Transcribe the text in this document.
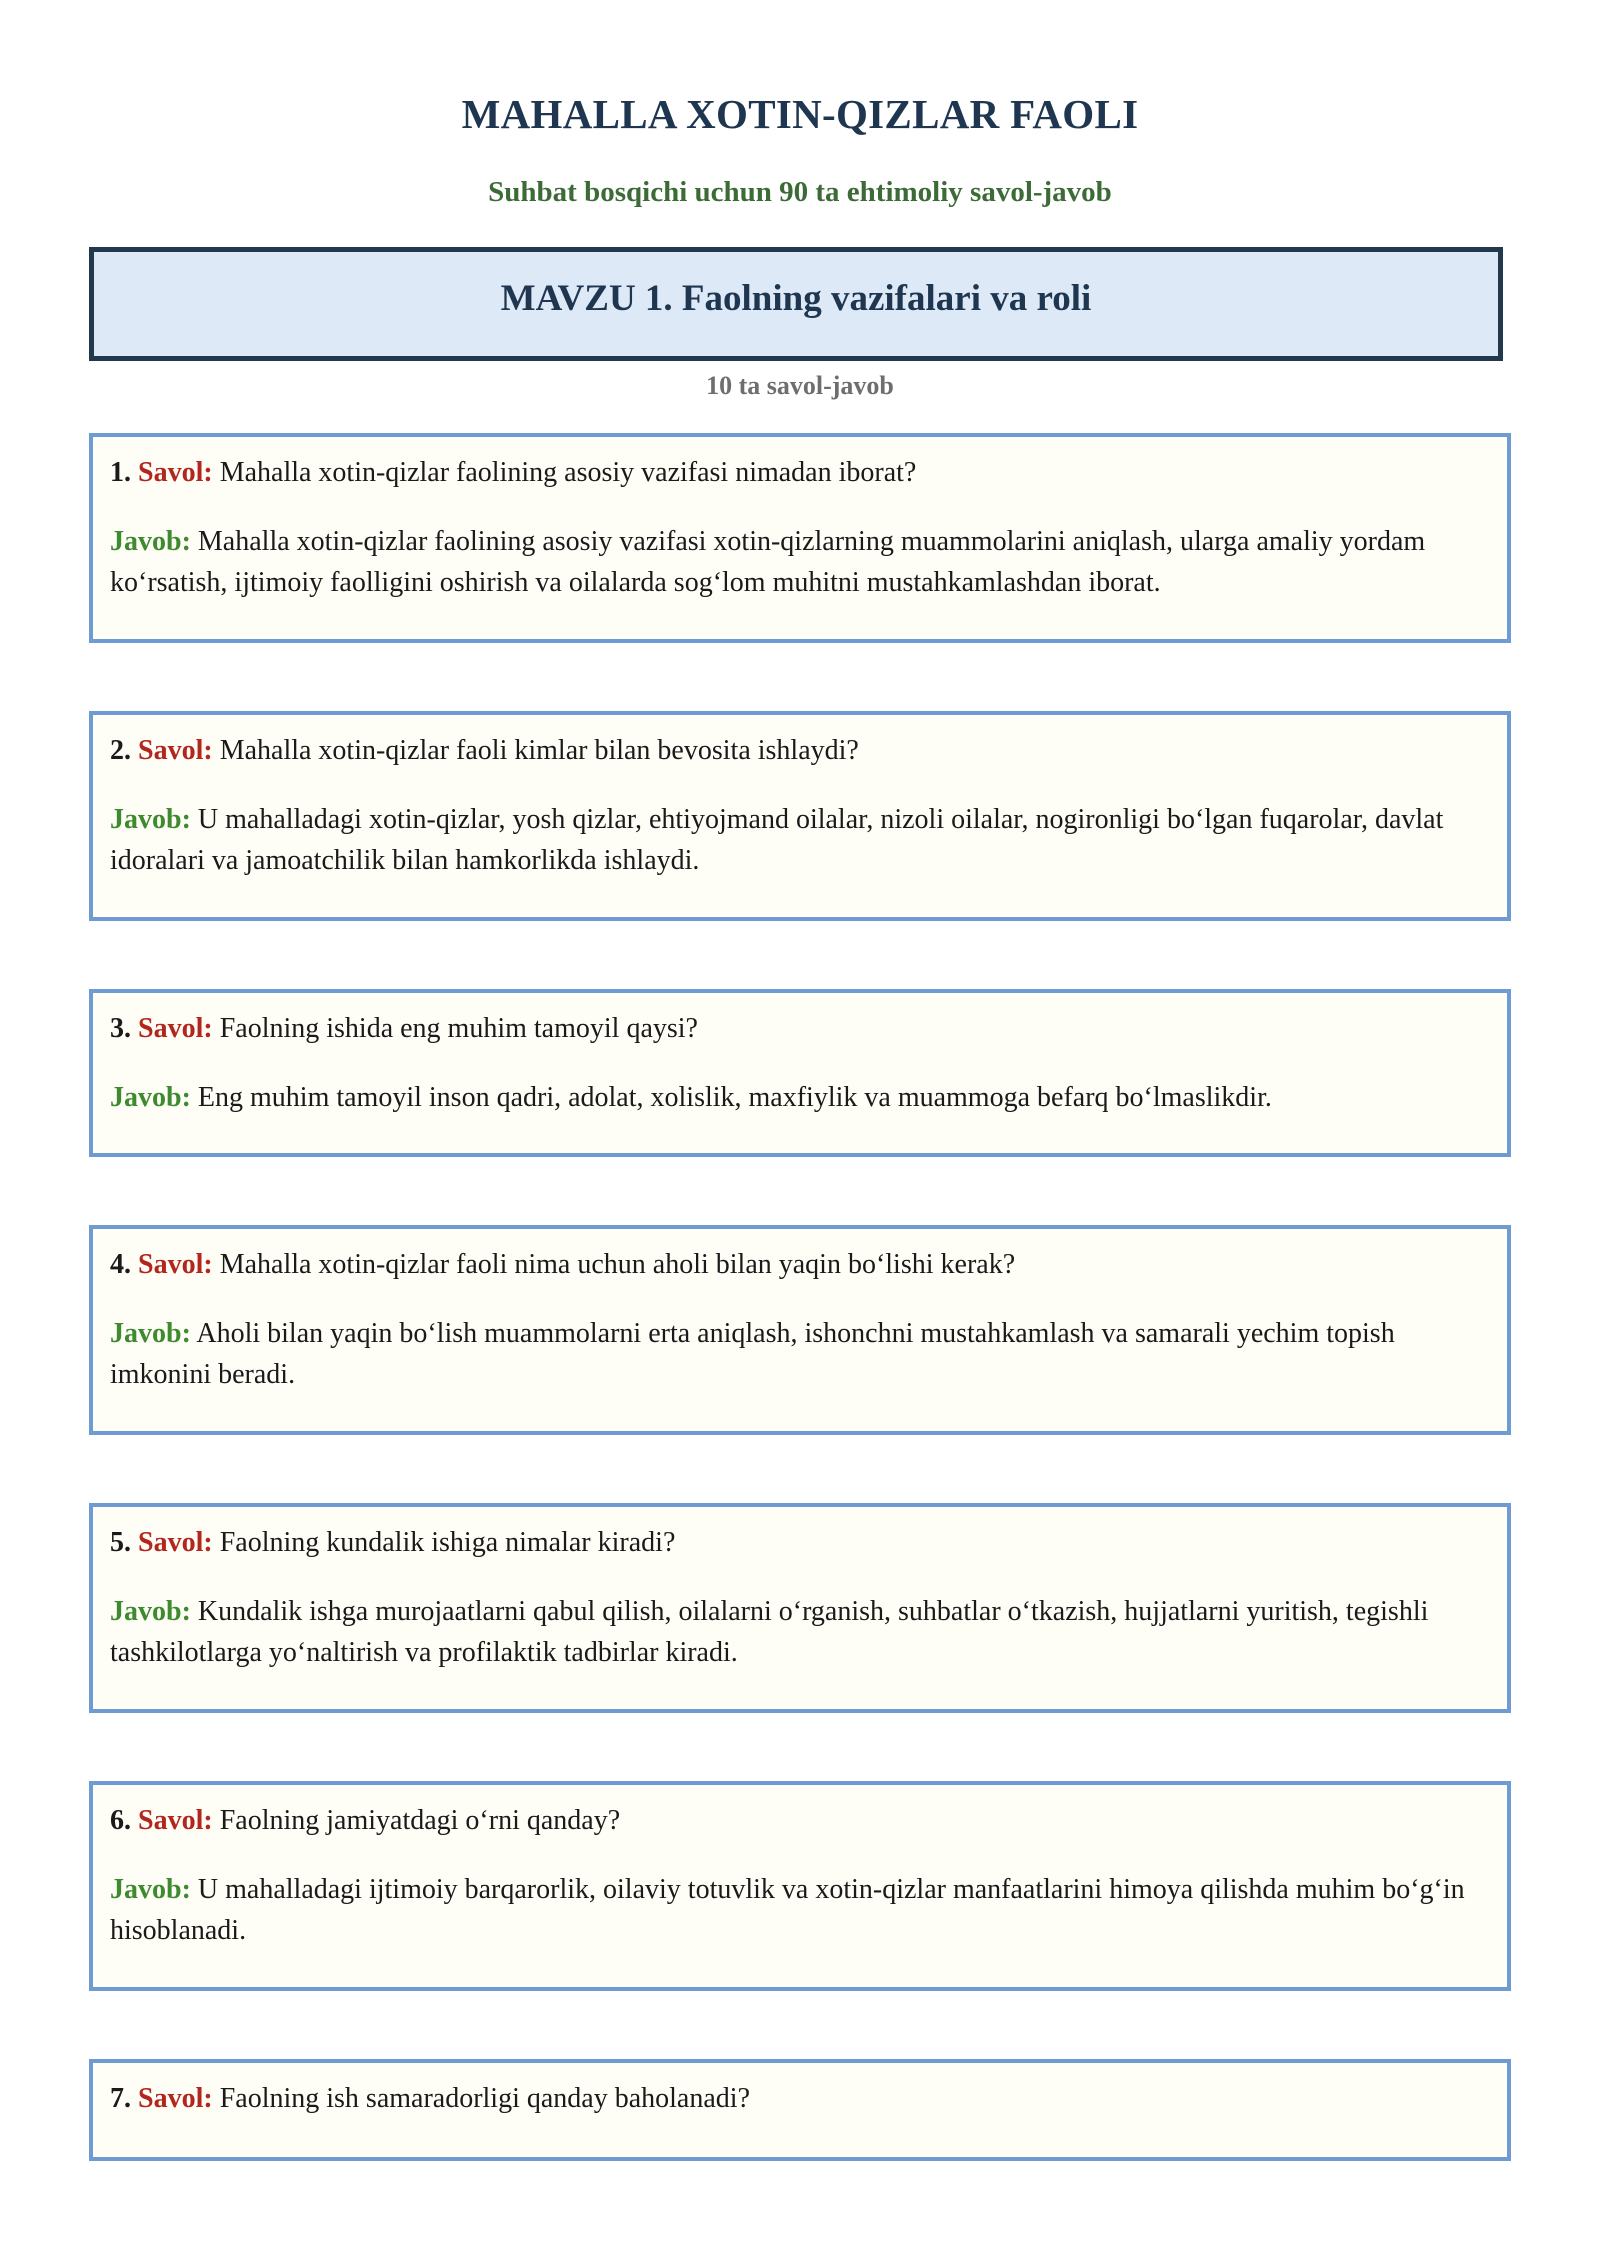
MAHALLA XOTIN-QIZLAR FAOLI
Suhbat bosqichi uchun 90 ta ehtimoliy savol-javob
MAVZU 1. Faolning vazifalari va roli
10 ta savol-javob
1. Savol: Mahalla xotin-qizlar faolining asosiy vazifasi nimadan iborat?
Javob: Mahalla xotin-qizlar faolining asosiy vazifasi xotin-qizlarning muammolarini aniqlash, ularga amaliy yordam ko‘rsatish, ijtimoiy faolligini oshirish va oilalarda sog‘lom muhitni mustahkamlashdan iborat.
2. Savol: Mahalla xotin-qizlar faoli kimlar bilan bevosita ishlaydi?
Javob: U mahalladagi xotin-qizlar, yosh qizlar, ehtiyojmand oilalar, nizoli oilalar, nogironligi bo‘lgan fuqarolar, davlat idoralari va jamoatchilik bilan hamkorlikda ishlaydi.
3. Savol: Faolning ishida eng muhim tamoyil qaysi?
Javob: Eng muhim tamoyil inson qadri, adolat, xolislik, maxfiylik va muammoga befarq bo‘lmaslikdir.
4. Savol: Mahalla xotin-qizlar faoli nima uchun aholi bilan yaqin bo‘lishi kerak?
Javob: Aholi bilan yaqin bo‘lish muammolarni erta aniqlash, ishonchni mustahkamlash va samarali yechim topish imkonini beradi.
5. Savol: Faolning kundalik ishiga nimalar kiradi?
Javob: Kundalik ishga murojaatlarni qabul qilish, oilalarni o‘rganish, suhbatlar o‘tkazish, hujjatlarni yuritish, tegishli tashkilotlarga yo‘naltirish va profilaktik tadbirlar kiradi.
6. Savol: Faolning jamiyatdagi o‘rni qanday?
Javob: U mahalladagi ijtimoiy barqarorlik, oilaviy totuvlik va xotin-qizlar manfaatlarini himoya qilishda muhim bo‘g‘in hisoblanadi.
7. Savol: Faolning ish samaradorligi qanday baholanadi?
